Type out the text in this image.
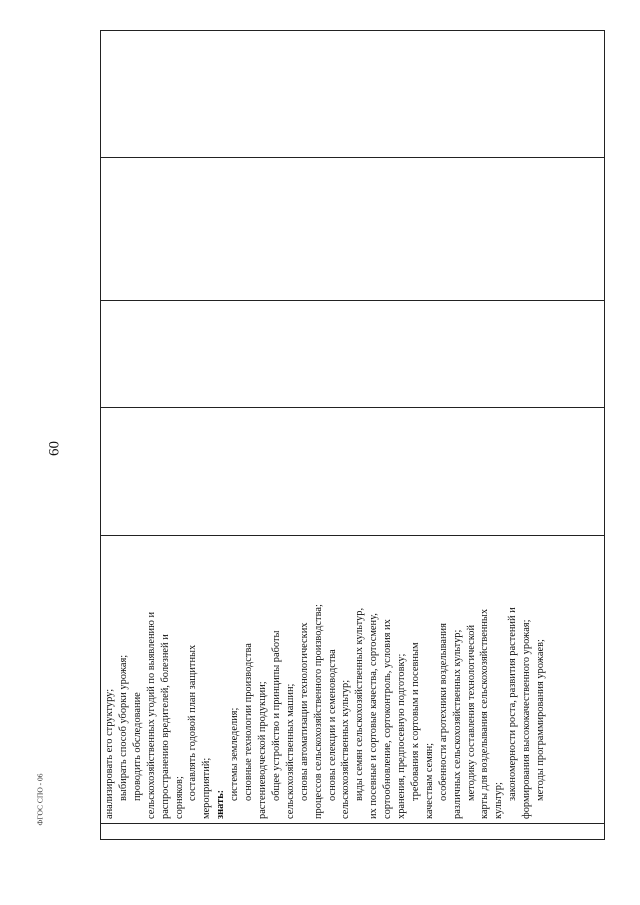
60

анализировать его структуру; выбирать способ уборки урожая; проводить обследование сельскохозяйственных угодий по выявлению и распространению вредителей, болезней и сорняков; составлять годовой план защитных мероприятий; знать:
системы земледелия; основные технологии производства растениеводческой продукции; общее устройство и принципы работы сельскохозяйственных машин; основы автоматизации технологических процессов сельскохозяйственного производства; основы селекции и семеноводства сельскохозяйственных культур; виды семян сельскохозяйственных культур, их посевные и сортовые качества, сортосмену, сортообновление, сортоконтроль, условия их хранения, предпосевную подготовку; требования к сортовым и посевным качествам семян; особенности агротехники возделывания различных сельскохозяйственных культур; методику составления технологической карты для возделывания сельскохозяйственных культур; закономерности роста, развития растений и формирования высококачественного урожая; методы программирования урожаев;

ФГОС СПО - 06
